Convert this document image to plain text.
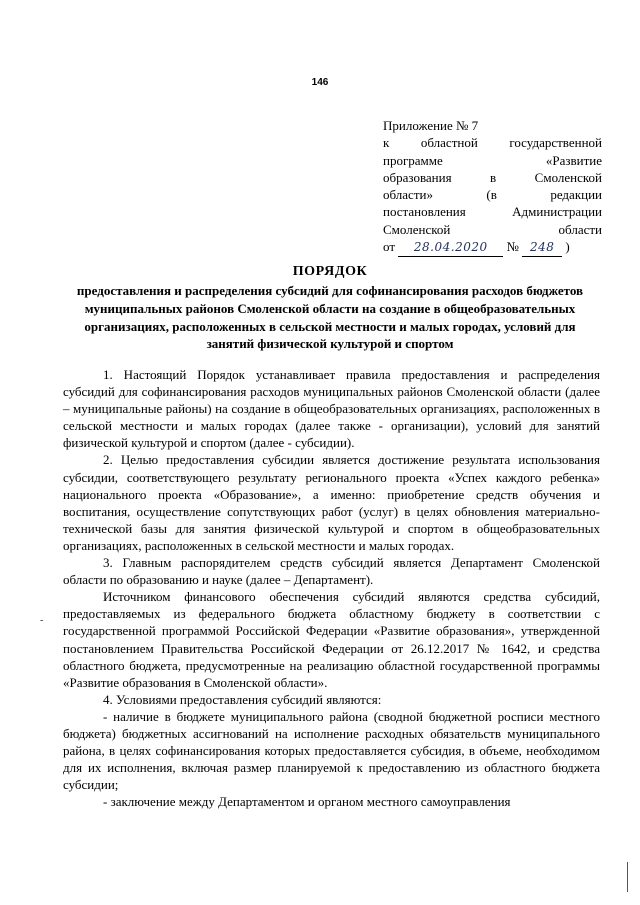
146
Приложение № 7
к областной государственной
программе «Развитие
образования в Смоленской
области» (в редакции
постановления Администрации
Смоленской области
от 28.04.2020 № 248 )
ПОРЯДОК
предоставления и распределения субсидий для софинансирования расходов бюджетов муниципальных районов Смоленской области на создание в общеобразовательных организациях, расположенных в сельской местности и малых городах, условий для занятий физической культурой и спортом

1. Настоящий Порядок устанавливает правила предоставления и распределения субсидий для софинансирования расходов муниципальных районов Смоленской области (далее – муниципальные районы) на создание в общеобразовательных организациях, расположенных в сельской местности и малых городах (далее также - организации), условий для занятий физической культурой и спортом (далее - субсидии).

2. Целью предоставления субсидии является достижение результата использования субсидии, соответствующего результату регионального проекта «Успех каждого ребенка» национального проекта «Образование», а именно: приобретение средств обучения и воспитания, осуществление сопутствующих работ (услуг) в целях обновления материально-технической базы для занятия физической культурой и спортом в общеобразовательных организациях, расположенных в сельской местности и малых городах.

3. Главным распорядителем средств субсидий является Департамент Смоленской области по образованию и науке (далее – Департамент).

Источником финансового обеспечения субсидий являются средства субсидий, предоставляемых из федерального бюджета областному бюджету в соответствии с государственной программой Российской Федерации «Развитие образования», утвержденной постановлением Правительства Российской Федерации от 26.12.2017 № 1642, и средства областного бюджета, предусмотренные на реализацию областной государственной программы «Развитие образования в Смоленской области».

4. Условиями предоставления субсидий являются:

- наличие в бюджете муниципального района (сводной бюджетной росписи местного бюджета) бюджетных ассигнований на исполнение расходных обязательств муниципального района, в целях софинансирования которых предоставляется субсидия, в объеме, необходимом для их исполнения, включая размер планируемой к предоставлению из областного бюджета субсидии;

- заключение между Департаментом и органом местного самоуправления

-
